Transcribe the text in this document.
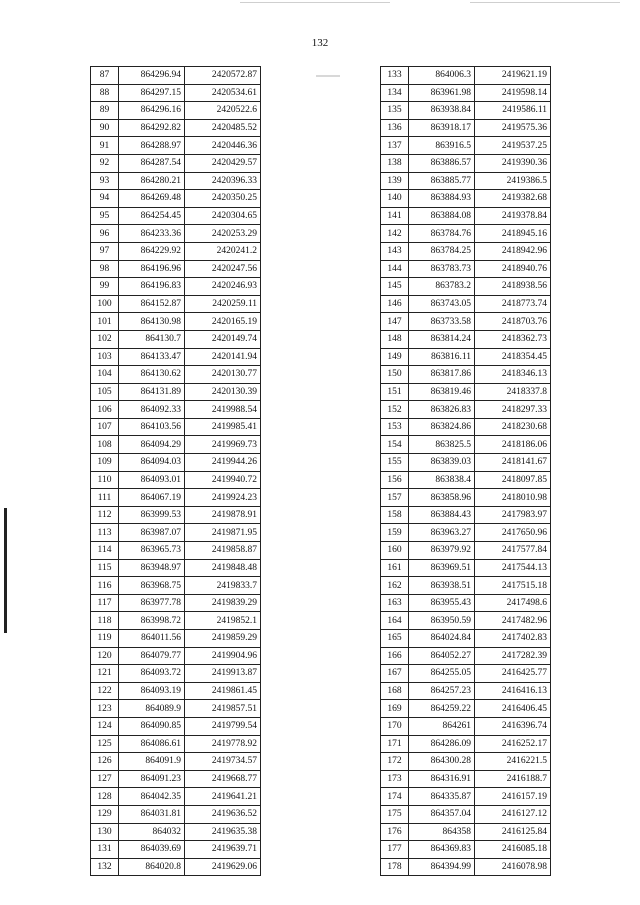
132
87	864296.94	2420572.87
88	864297.15	2420534.61
89	864296.16	2420522.6
90	864292.82	2420485.52
91	864288.97	2420446.36
92	864287.54	2420429.57
93	864280.21	2420396.33
94	864269.48	2420350.25
95	864254.45	2420304.65
96	864233.36	2420253.29
97	864229.92	2420241.2
98	864196.96	2420247.56
99	864196.83	2420246.93
100	864152.87	2420259.11
101	864130.98	2420165.19
102	864130.7	2420149.74
103	864133.47	2420141.94
104	864130.62	2420130.77
105	864131.89	2420130.39
106	864092.33	2419988.54
107	864103.56	2419985.41
108	864094.29	2419969.73
109	864094.03	2419944.26
110	864093.01	2419940.72
111	864067.19	2419924.23
112	863999.53	2419878.91
113	863987.07	2419871.95
114	863965.73	2419858.87
115	863948.97	2419848.48
116	863968.75	2419833.7
117	863977.78	2419839.29
118	863998.72	2419852.1
119	864011.56	2419859.29
120	864079.77	2419904.96
121	864093.72	2419913.87
122	864093.19	2419861.45
123	864089.9	2419857.51
124	864090.85	2419799.54
125	864086.61	2419778.92
126	864091.9	2419734.57
127	864091.23	2419668.77
128	864042.35	2419641.21
129	864031.81	2419636.52
130	864032	2419635.38
131	864039.69	2419639.71
132	864020.8	2419629.06
133	864006.3	2419621.19
134	863961.98	2419598.14
135	863938.84	2419586.11
136	863918.17	2419575.36
137	863916.5	2419537.25
138	863886.57	2419390.36
139	863885.77	2419386.5
140	863884.93	2419382.68
141	863884.08	2419378.84
142	863784.76	2418945.16
143	863784.25	2418942.96
144	863783.73	2418940.76
145	863783.2	2418938.56
146	863743.05	2418773.74
147	863733.58	2418703.76
148	863814.24	2418362.73
149	863816.11	2418354.45
150	863817.86	2418346.13
151	863819.46	2418337.8
152	863826.83	2418297.33
153	863824.86	2418230.68
154	863825.5	2418186.06
155	863839.03	2418141.67
156	863838.4	2418097.85
157	863858.96	2418010.98
158	863884.43	2417983.97
159	863963.27	2417650.96
160	863979.92	2417577.84
161	863969.51	2417544.13
162	863938.51	2417515.18
163	863955.43	2417498.6
164	863950.59	2417482.96
165	864024.84	2417402.83
166	864052.27	2417282.39
167	864255.05	2416425.77
168	864257.23	2416416.13
169	864259.22	2416406.45
170	864261	2416396.74
171	864286.09	2416252.17
172	864300.28	2416221.5
173	864316.91	2416188.7
174	864335.87	2416157.19
175	864357.04	2416127.12
176	864358	2416125.84
177	864369.83	2416085.18
178	864394.99	2416078.98
